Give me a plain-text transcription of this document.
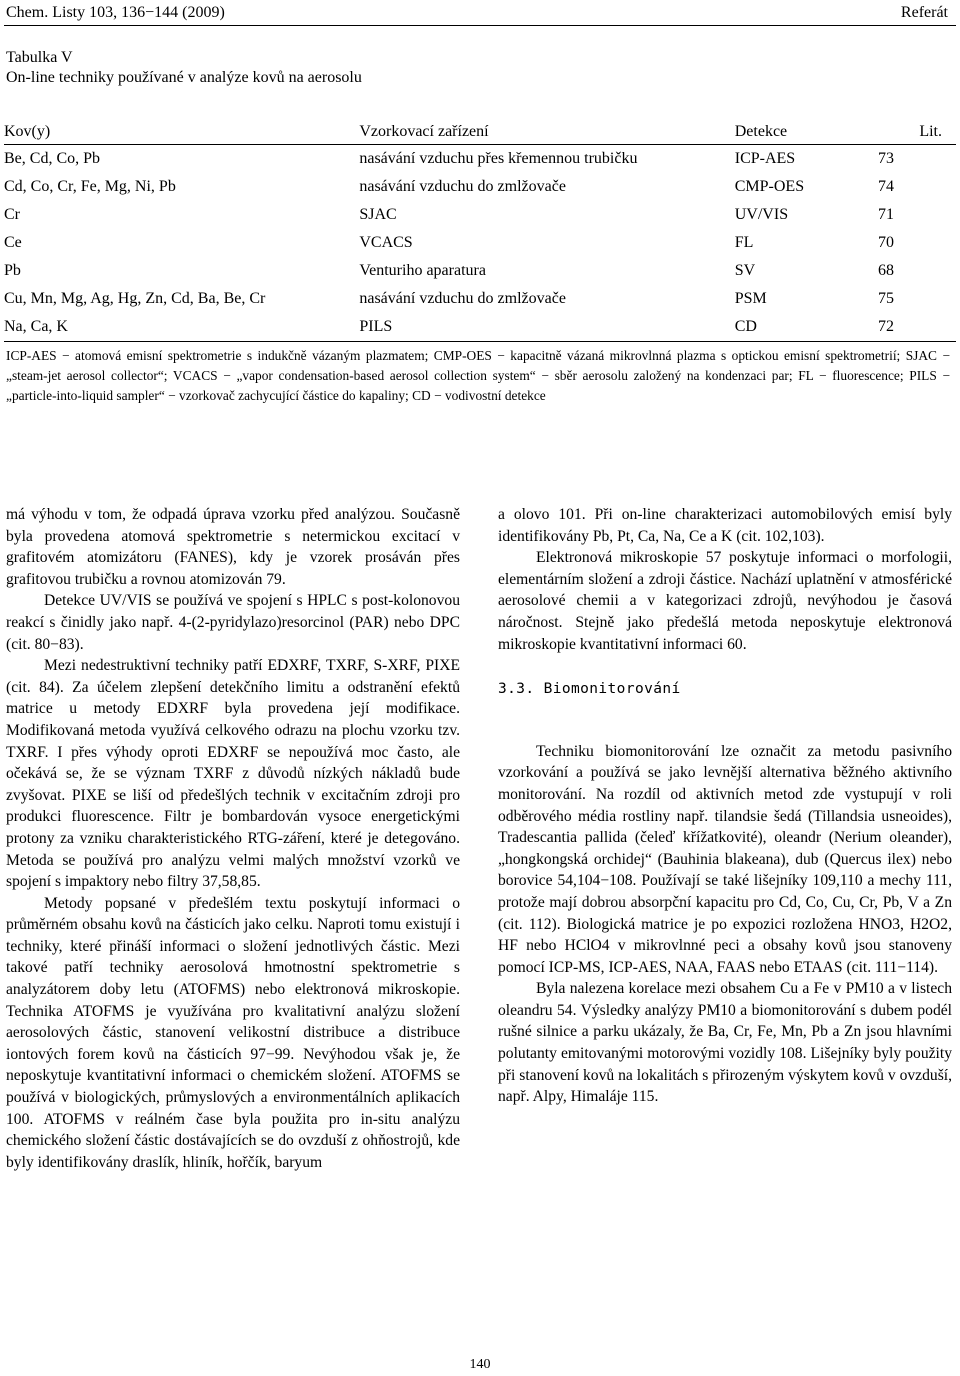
Chem. Listy 103, 136−144 (2009)	Referát
Tabulka V
On-line techniky používané v analýze kovů na aerosolu
Kov(y)	Vzorkovací zařízení	Detekce	Lit.
Be, Cd, Co, Pb	nasávání vzduchu přes křemennou trubičku	ICP-AES	73
Cd, Co, Cr, Fe, Mg, Ni, Pb	nasávání vzduchu do zmlžovače	CMP-OES	74
Cr	SJAC	UV/VIS	71
Ce	VCACS	FL	70
Pb	Venturiho aparatura	SV	68
Cu, Mn, Mg, Ag, Hg, Zn, Cd, Ba, Be, Cr	nasávání vzduchu do zmlžovače	PSM	75
Na, Ca, K	PILS	CD	72
ICP-AES − atomová emisní spektrometrie s indukčně vázaným plazmatem; CMP-OES − kapacitně vázaná mikrovlnná plazma s optickou emisní spektrometrií; SJAC − „steam-jet aerosol collector“; VCACS − „vapor condensation-based aerosol collection system“ − sběr aerosolu založený na kondenzaci par; FL − fluorescence; PILS − „particle-into-liquid sampler“ − vzorkovač zachycující částice do kapaliny; CD − vodivostní detekce

má výhodu v tom, že odpadá úprava vzorku před analýzou. Současně byla provedena atomová spektrometrie s netermickou excitací v grafitovém atomizátoru (FANES), kdy je vzorek prosáván přes grafitovou trubičku a rovnou atomizován 79.

Detekce UV/VIS se používá ve spojení s HPLC s post-kolonovou reakcí s činidly jako např. 4-(2-pyridylazo)resorcinol (PAR) nebo DPC (cit. 80−83).

Mezi nedestruktivní techniky patří EDXRF, TXRF, S-XRF, PIXE (cit. 84). Za účelem zlepšení detekčního limitu a odstranění efektů matrice u metody EDXRF byla provedena její modifikace. Modifikovaná metoda využívá celkového odrazu na plochu vzorku tzv. TXRF. I přes výhody oproti EDXRF se nepoužívá moc často, ale očekává se, že se význam TXRF z důvodů nízkých nákladů bude zvyšovat. PIXE se liší od předešlých technik v excitačním zdroji pro produkci fluorescence. Filtr je bombardován vysoce energetickými protony za vzniku charakteristického RTG-záření, které je detegováno. Metoda se používá pro analýzu velmi malých množství vzorků ve spojení s impaktory nebo filtry 37,58,85.

Metody popsané v předešlém textu poskytují informaci o průměrném obsahu kovů na částicích jako celku. Naproti tomu existují i techniky, které přináší informaci o složení jednotlivých částic. Mezi takové patří techniky aerosolová hmotnostní spektrometrie s analyzátorem doby letu (ATOFMS) nebo elektronová mikroskopie. Technika ATOFMS je využívána pro kvalitativní analýzu složení aerosolových částic, stanovení velikostní distribuce a distribuce iontových forem kovů na částicích 97−99. Nevýhodou však je, že neposkytuje kvantitativní informaci o chemickém složení. ATOFMS se používá v biologických, průmyslových a environmentálních aplikacích 100. ATOFMS v reálném čase byla použita pro in-situ analýzu chemického složení částic dostávajících se do ovzduší z ohňostrojů, kde byly identifikovány draslík, hliník, hořčík, baryum

a olovo 101. Při on-line charakterizaci automobilových emisí byly identifikovány Pb, Pt, Ca, Na, Ce a K (cit. 102,103).

Elektronová mikroskopie 57 poskytuje informaci o morfologii, elementárním složení a zdroji částice. Nachází uplatnění v atmosférické aerosolové chemii a v kategorizaci zdrojů, nevýhodou je časová náročnost. Stejně jako předešlá metoda neposkytuje elektronová mikroskopie kvantitativní informaci 60.

3.3. Biomonitorování

Techniku biomonitorování lze označit za metodu pasivního vzorkování a používá se jako levnější alternativa běžného aktivního monitorování. Na rozdíl od aktivních metod zde vystupují v roli odběrového média rostliny např. tilandsie šedá (Tillandsia usneoides), Tradescantia pallida (čeleď křížatkovité), oleandr (Nerium oleander), „hongkongská orchidej“ (Bauhinia blakeana), dub (Quercus ilex) nebo borovice 54,104−108. Používají se také lišejníky 109,110 a mechy 111, protože mají dobrou absorpční kapacitu pro Cd, Co, Cu, Cr, Pb, V a Zn (cit. 112). Biologická matrice je po expozici rozložena HNO3, H2O2, HF nebo HClO4 v mikrovlnné peci a obsahy kovů jsou stanoveny pomocí ICP-MS, ICP-AES, NAA, FAAS nebo ETAAS (cit. 111−114).

Byla nalezena korelace mezi obsahem Cu a Fe v PM10 a v listech oleandru 54. Výsledky analýzy PM10 a biomonitorování s dubem podél rušné silnice a parku ukázaly, že Ba, Cr, Fe, Mn, Pb a Zn jsou hlavními polutanty emitovanými motorovými vozidly 108. Lišejníky byly použity při stanovení kovů na lokalitách s přirozeným výskytem kovů v ovzduší, např. Alpy, Himaláje 115.

140
